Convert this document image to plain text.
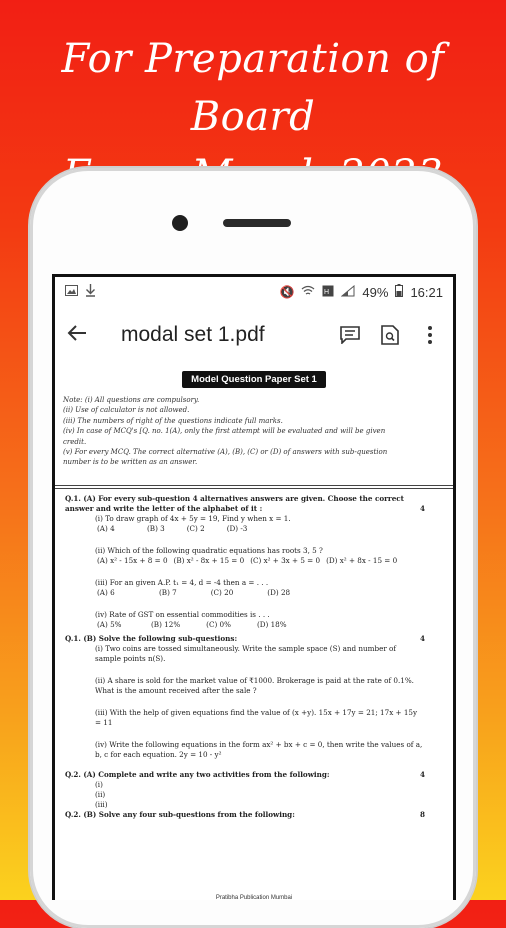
For Preparation of Board
🔇	H	49% 16:21
modal set 1.pdf
Model Question Paper Set 1
Note: (i) All questions are compulsory.
(ii) Use of calculator is not allowed.
(iii) The numbers of right of the questions indicate full marks.
(iv) In case of MCQ's [Q. no. 1(A), only the first attempt will be evaluated and will be given
credit.
(v) For every MCQ. The correct alternative (A), (B), (C) or (D) of answers with sub-question
number is to be written as an answer.
Q.1. (A) For every sub-question 4 alternatives answers are given. Choose the correct answer and write the letter of the alphabet of it :	4
(i) To draw graph of 4x + 5y = 19, Find y when x = 1.
(A) 4	(B) 3	(C) 2	(D) -3
(ii) Which of the following quadratic equations has roots 3, 5 ?
(A) x² - 15x + 8 = 0 (B) x² - 8x + 15 = 0 (C) x² + 3x + 5 = 0 (D) x² + 8x - 15 = 0
(iii) For an given A.P. t₁ = 4, d = -4 then a = . . .
(A) 6	(B) 7	(C) 20	(D) 28
(iv) Rate of GST on essential commodities is . . .
(A) 5%	(B) 12%	(C) 0%	(D) 18%
Q.1. (B) Solve the following sub-questions:	4
(i) Two coins are tossed simultaneously. Write the sample space (S) and number of sample points n(S).
(ii) A share is sold for the market value of ₹1000. Brokerage is paid at the rate of 0.1%. What is the amount received after the sale ?
(iii) With the help of given equations find the value of (x +y). 15x + 17y = 21; 17x + 15y = 11
(iv) Write the following equations in the form ax² + bx + c = 0, then write the values of a, b, c for each equation. 2y = 10 - y²
Q.2. (A) Complete and write any two activities from the following:	4
(i)
(ii)
(iii)
Q.2. (B) Solve any four sub-questions from the following:	8
Pratibha Publication Mumbai
